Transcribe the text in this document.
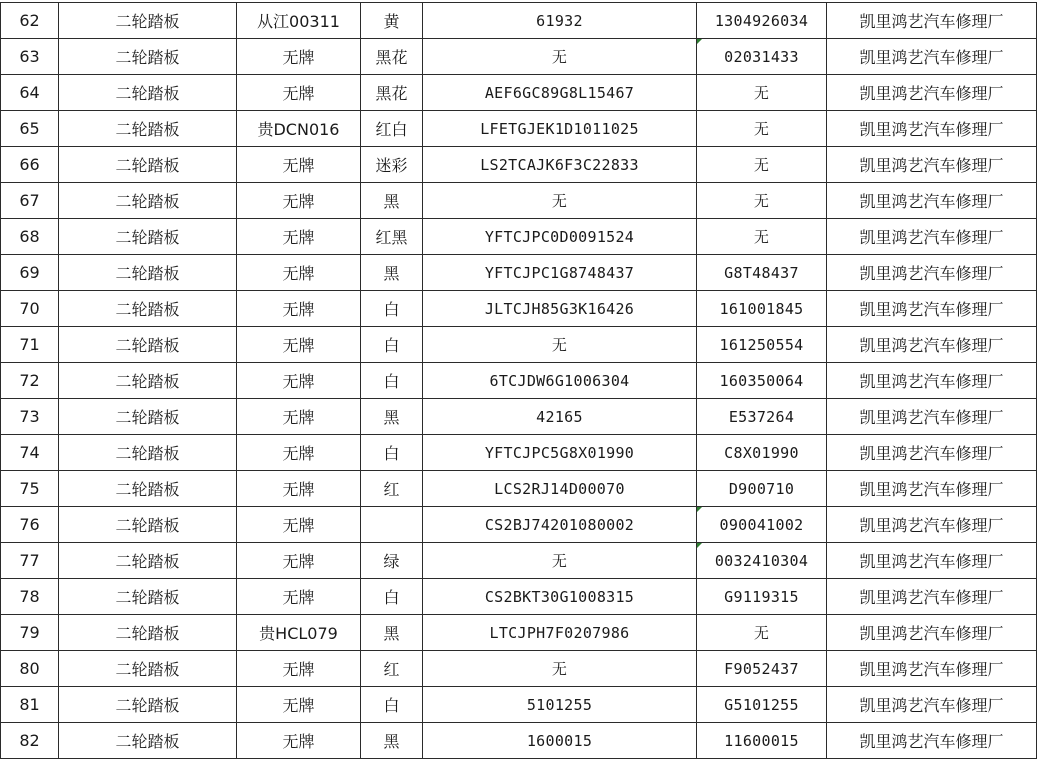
62	二轮踏板	从江00311	黄	61932	1304926034	凯里鸿艺汽车修理厂
63	二轮踏板	无牌	黑花	无	02031433	凯里鸿艺汽车修理厂
64	二轮踏板	无牌	黑花	AEF6GC89G8L15467	无	凯里鸿艺汽车修理厂
65	二轮踏板	贵DCN016	红白	LFETGJEK1D1011025	无	凯里鸿艺汽车修理厂
66	二轮踏板	无牌	迷彩	LS2TCAJK6F3C22833	无	凯里鸿艺汽车修理厂
67	二轮踏板	无牌	黑	无	无	凯里鸿艺汽车修理厂
68	二轮踏板	无牌	红黑	YFTCJPC0D0091524	无	凯里鸿艺汽车修理厂
69	二轮踏板	无牌	黑	YFTCJPC1G8748437	G8T48437	凯里鸿艺汽车修理厂
70	二轮踏板	无牌	白	JLTCJH85G3K16426	161001845	凯里鸿艺汽车修理厂
71	二轮踏板	无牌	白	无	161250554	凯里鸿艺汽车修理厂
72	二轮踏板	无牌	白	6TCJDW6G1006304	160350064	凯里鸿艺汽车修理厂
73	二轮踏板	无牌	黑	42165	E537264	凯里鸿艺汽车修理厂
74	二轮踏板	无牌	白	YFTCJPC5G8X01990	C8X01990	凯里鸿艺汽车修理厂
75	二轮踏板	无牌	红	LCS2RJ14D00070	D900710	凯里鸿艺汽车修理厂
76	二轮踏板	无牌		CS2BJ74201080002	090041002	凯里鸿艺汽车修理厂
77	二轮踏板	无牌	绿	无	0032410304	凯里鸿艺汽车修理厂
78	二轮踏板	无牌	白	CS2BKT30G1008315	G9119315	凯里鸿艺汽车修理厂
79	二轮踏板	贵HCL079	黑	LTCJPH7F0207986	无	凯里鸿艺汽车修理厂
80	二轮踏板	无牌	红	无	F9052437	凯里鸿艺汽车修理厂
81	二轮踏板	无牌	白	5101255	G5101255	凯里鸿艺汽车修理厂
82	二轮踏板	无牌	黑	1600015	11600015	凯里鸿艺汽车修理厂
